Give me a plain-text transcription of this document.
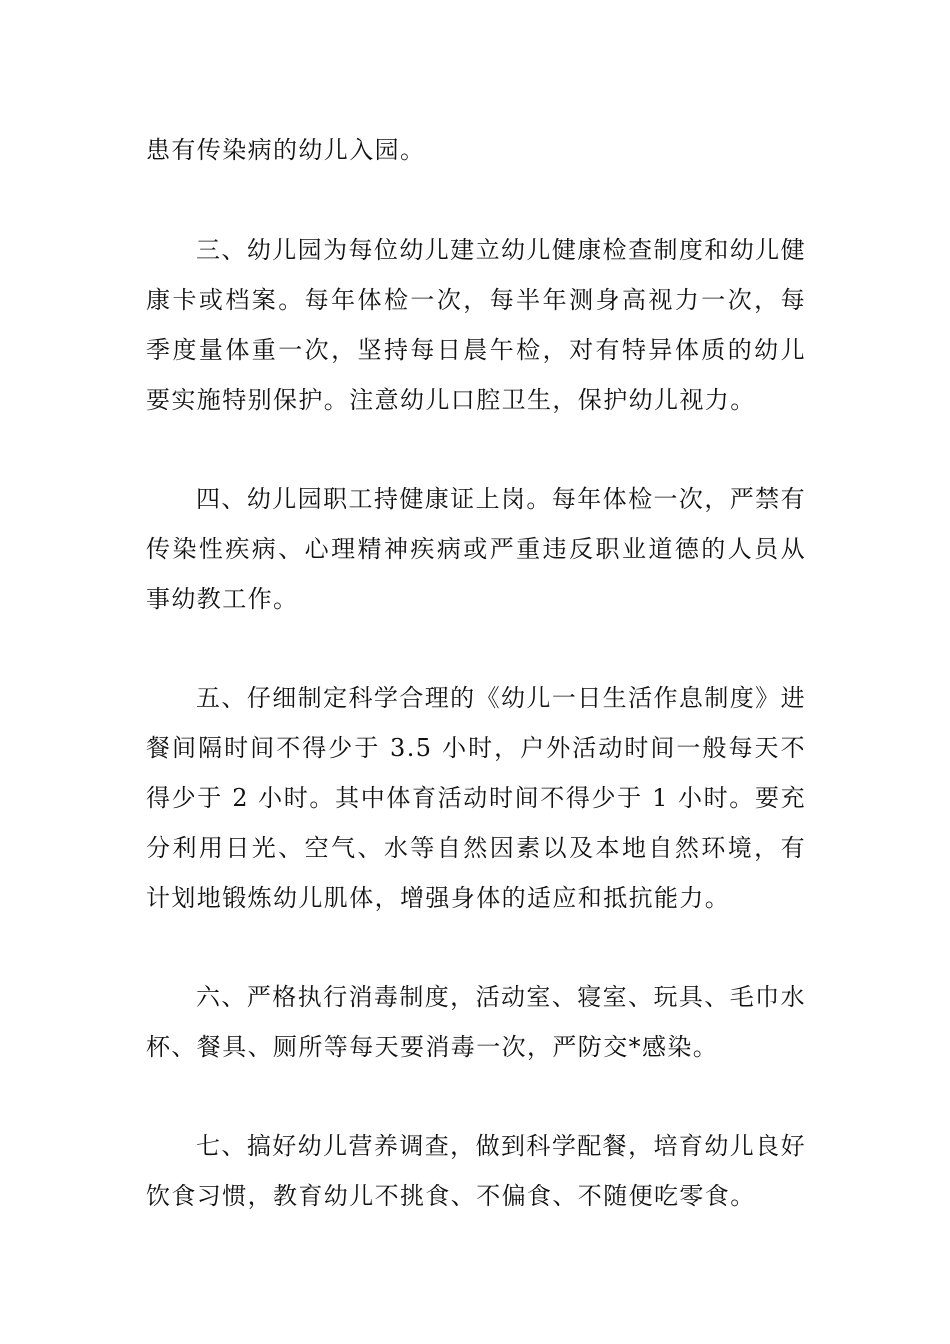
患有传染病的幼儿入园。

三、幼儿园为每位幼儿建立幼儿健康检查制度和幼儿健康卡或档案。每年体检一次，每半年测身高视力一次，每季度量体重一次，坚持每日晨午检，对有特异体质的幼儿要实施特别保护。注意幼儿口腔卫生，保护幼儿视力。

四、幼儿园职工持健康证上岗。每年体检一次，严禁有传染性疾病、心理精神疾病或严重违反职业道德的人员从事幼教工作。

五、仔细制定科学合理的《幼儿一日生活作息制度》进餐间隔时间不得少于 3.5 小时，户外活动时间一般每天不得少于 2 小时。其中体育活动时间不得少于 1 小时。要充分利用日光、空气、水等自然因素以及本地自然环境，有计划地锻炼幼儿肌体，增强身体的适应和抵抗能力。

六、严格执行消毒制度，活动室、寝室、玩具、毛巾水杯、餐具、厕所等每天要消毒一次，严防交*感染。

七、搞好幼儿营养调查，做到科学配餐，培育幼儿良好饮食习惯，教育幼儿不挑食、不偏食、不随便吃零食。
